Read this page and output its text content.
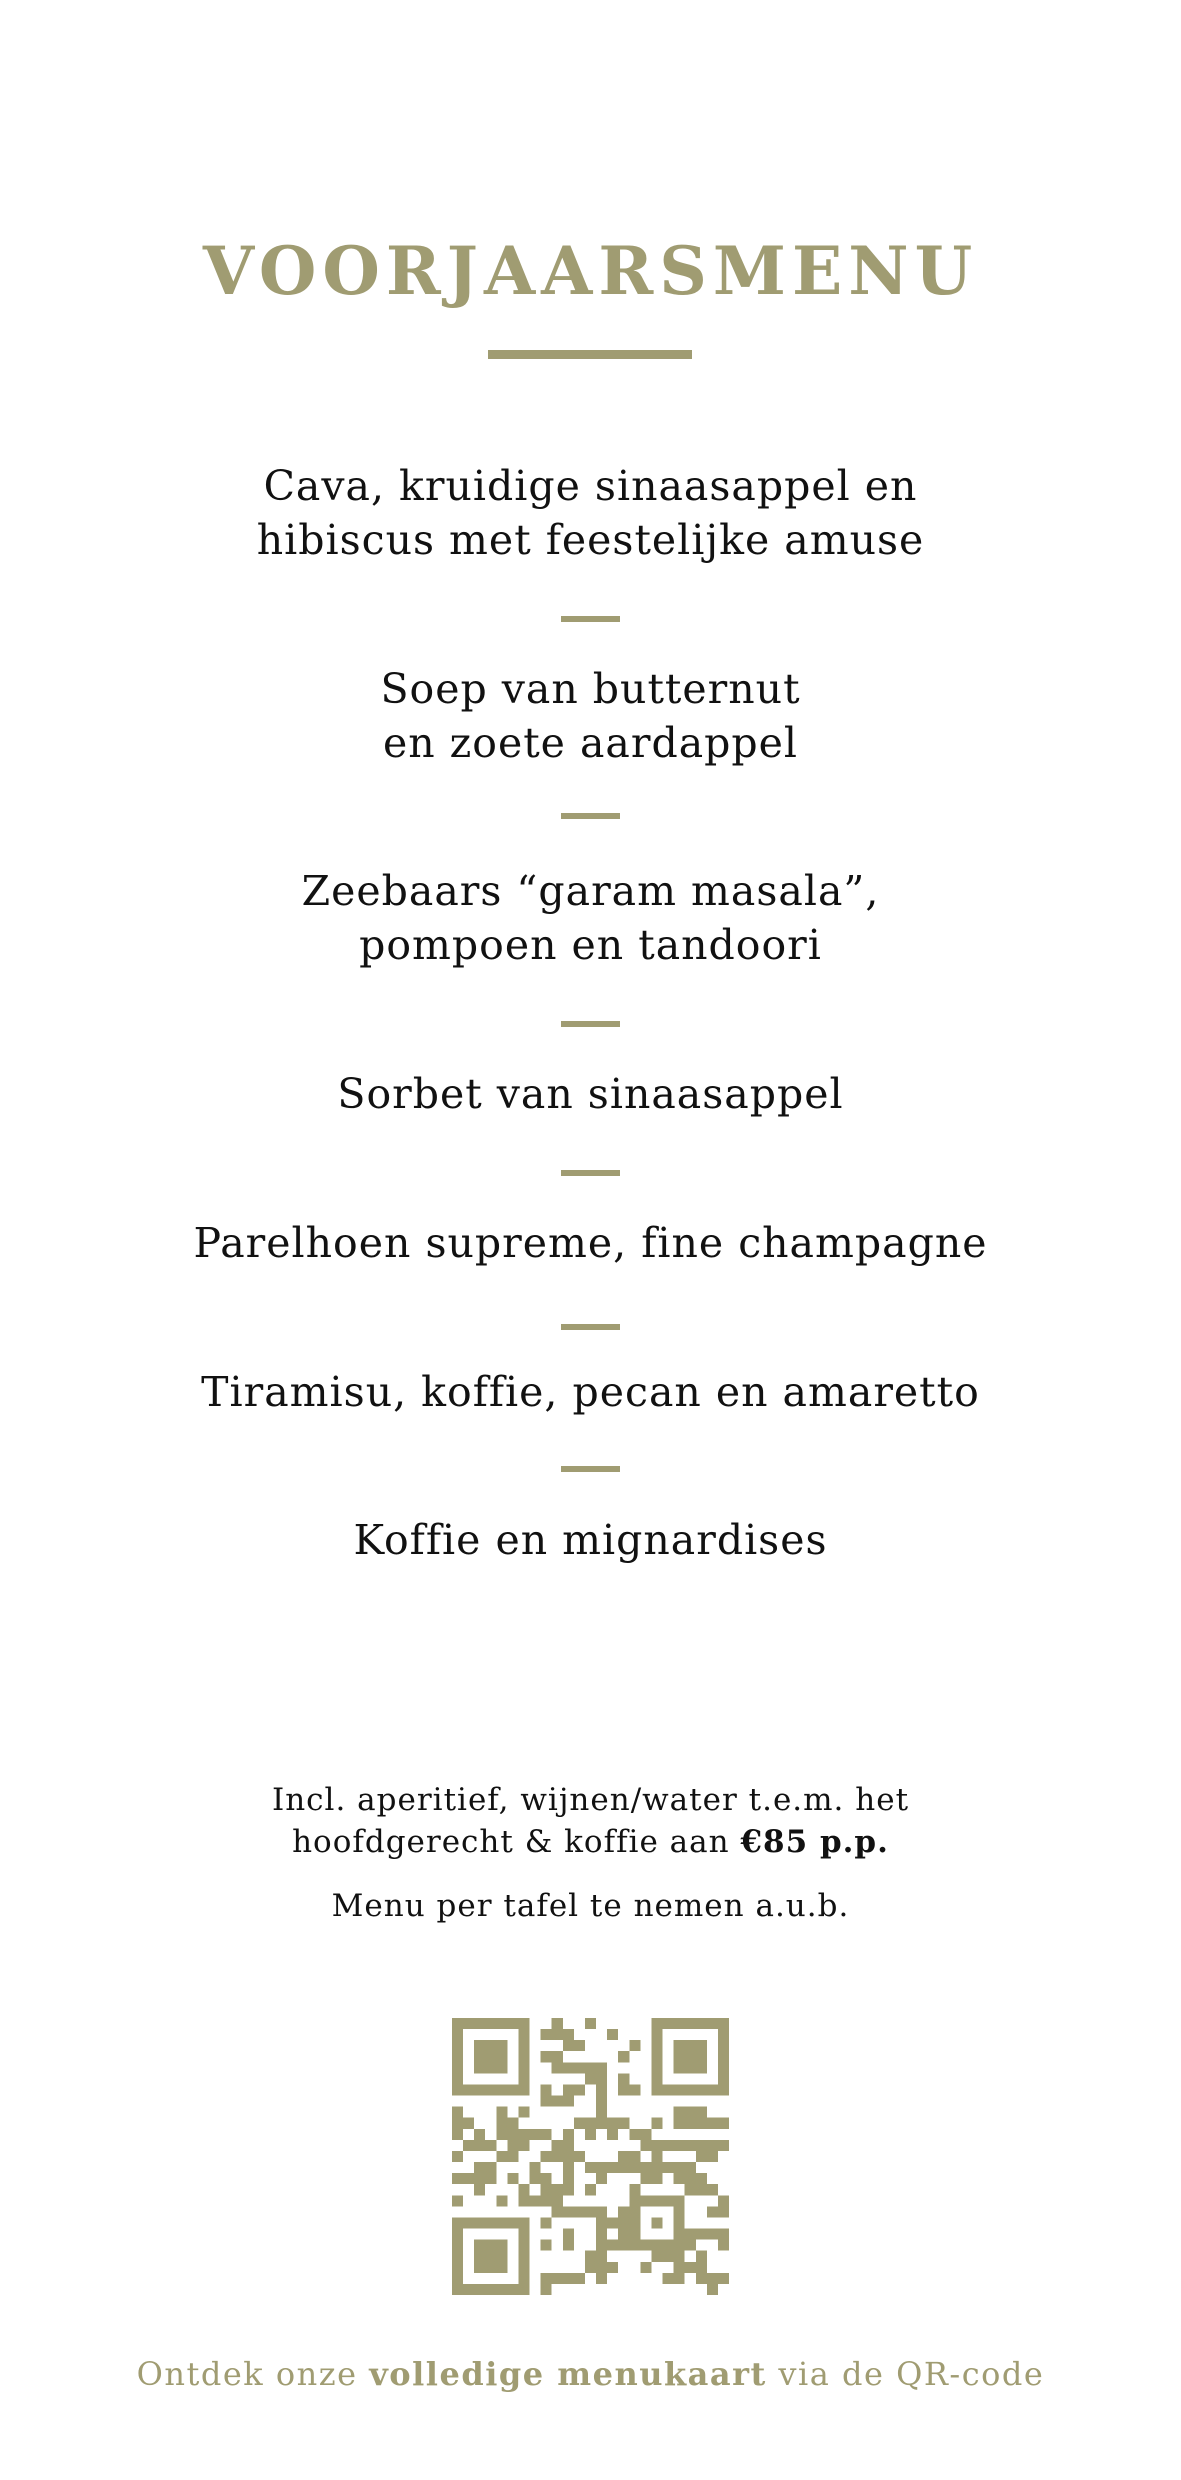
VOORJAARSMENU

Cava, kruidige sinaasappel en
hibiscus met feestelijke amuse

Soep van butternut
en zoete aardappel

Zeebaars “garam masala”,
pompoen en tandoori

Sorbet van sinaasappel

Parelhoen supreme, fine champagne

Tiramisu, koffie, pecan en amaretto

Koffie en mignardises

Incl. aperitief, wijnen/water t.e.m. het
hoofdgerecht & koffie aan €85 p.p.

Menu per tafel te nemen a.u.b.

Ontdek onze volledige menukaart via de QR-code
